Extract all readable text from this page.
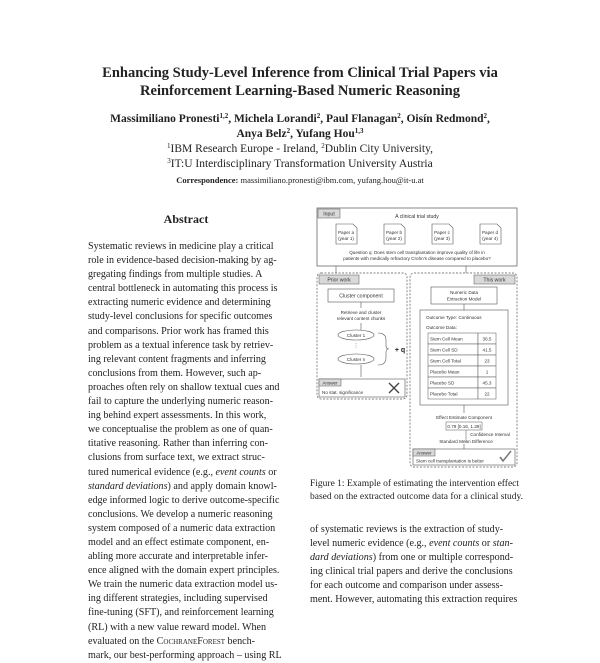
Enhancing Study-Level Inference from Clinical Trial Papers via
Reinforcement Learning-Based Numeric Reasoning
Massimiliano Pronesti$^{1,2}$, Michela Lorandi$^2$, Paul Flanagan$^2$, Oisín Redmond$^2$,
Anya Belz$^2$, Yufang Hou$^{1,3}$
$^1$IBM Research Europe - Ireland, $^2$Dublin City University,
$^3$IT:U Interdisciplinary Transformation University Austria
Correspondence: massimiliano.pronesti@ibm.com, yufang.hou@it-u.at
Abstract

Systematic reviews in medicine play a critical

role in evidence-based decision-making by ag-

gregating findings from multiple studies. A

central bottleneck in automating this process is

extracting numeric evidence and determining

study-level conclusions for specific outcomes

and comparisons. Prior work has framed this

problem as a textual inference task by retriev-

ing relevant content fragments and inferring

conclusions from them. However, such ap-

proaches often rely on shallow textual cues and

fail to capture the underlying numeric reason-

ing behind expert assessments. In this work,

we conceptualise the problem as one of quan-

titative reasoning. Rather than inferring con-

clusions from surface text, we extract struc-

tured numerical evidence (e.g., event counts or

standard deviations) and apply domain knowl-

edge informed logic to derive outcome-specific

conclusions. We develop a numeric reasoning

system composed of a numeric data extraction

model and an effect estimate component, en-

abling more accurate and interpretable infer-

ence aligned with the domain expert principles.

We train the numeric data extraction model us-

ing different strategies, including supervised

fine-tuning (SFT), and reinforcement learning

(RL) with a new value reward model. When

evaluated on the CochraneForest bench-

mark, our best-performing approach – using RL

Input	A clinical trial study
Paper a
(year 1)
Paper b
(year 2)
Paper c
(year 3)
Paper d
(year 4)
Question q: Does stem cell transplantation improve quality of life in
patients with medically refractory Crohn's disease compared to placebo?
Prior work
Cluster component
Retrieve and cluster
relevant content chunks
Cluster 1
⋮
Cluster n
+ q
Answer
No stat. significance
This work
Numeric Data
Extraction Model
Outcome Type: Continuous
Outcome Data:
Stem Cell Mean	36.5
Stem Cell SD	41.5
Stem Cell Total	23
Placebo Mean	1
Placebo SD	45.3
Placebo Total	22
Effect Estimate Component
0.79 [0.16, 1.39]
Confidence Interval
Standard Mean Difference
Answer
Stem cell transplantation is better

Figure 1: Example of estimating the intervention effect
based on the extracted outcome data for a clinical study.

of systematic reviews is the extraction of study-

level numeric evidence (e.g., event counts or stan-

dard deviations) from one or multiple correspond-

ing clinical trial papers and derive the conclusions

for each outcome and comparison under assess-

ment. However, automating this extraction requires
